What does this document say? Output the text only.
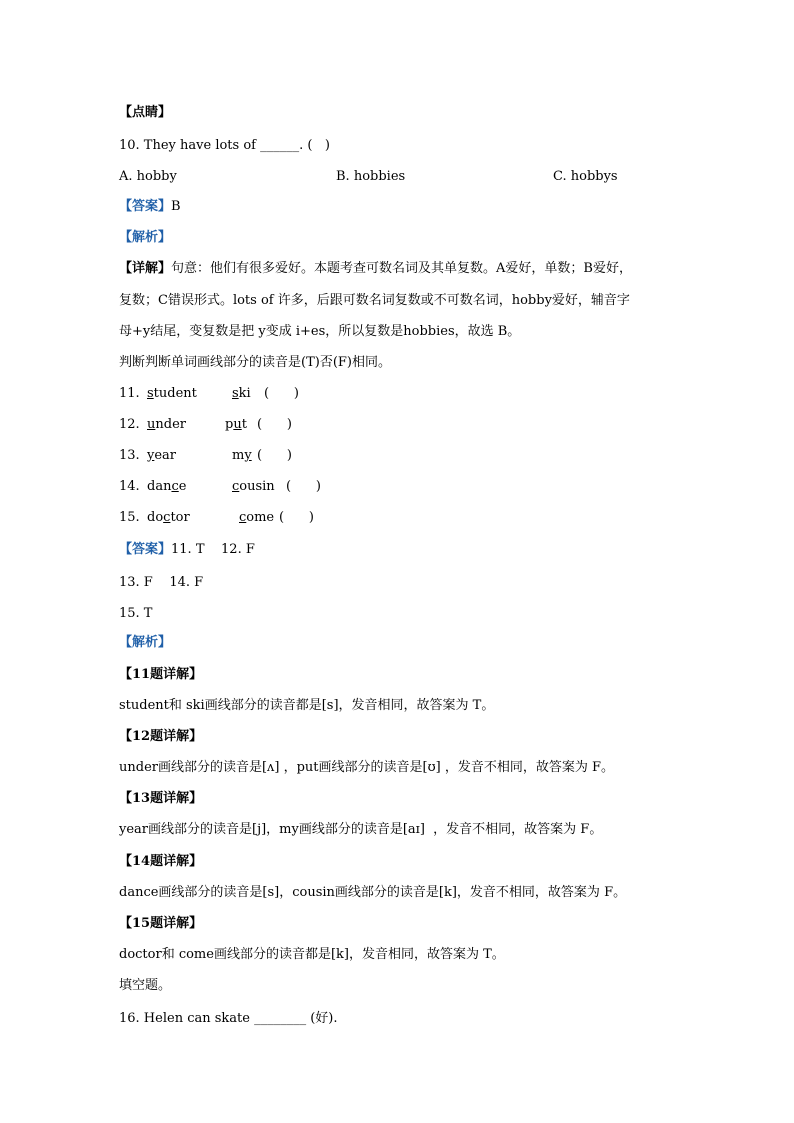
【点睛】
10. They have lots of ______. (   )
A. hobby	B. hobbies	C. hobbys
【答案】B
【解析】
【详解】句意：他们有很多爱好。本题考查可数名词及其单复数。A爱好，单数；B爱好，
复数；C错误形式。lots of 许多，后跟可数名词复数或不可数名词，hobby爱好，辅音字
母+y结尾，变复数是把 y变成 i+es，所以复数是hobbies，故选 B。
判断判断单词画线部分的读音是(T)否(F)相同。
11. student	ski (      )
12. under	put (      )
13. year	my (      )
14. dance	cousin (      )
15. doctor	come (      )
【答案】11. T    12. F
13. F    14. F
15. T
【解析】
【11题详解】
student和 ski画线部分的读音都是[s]，发音相同，故答案为 T。
【12题详解】
under画线部分的读音是[ʌ] ，put画线部分的读音是[ʊ] ，发音不相同，故答案为 F。
【13题详解】
year画线部分的读音是[j]，my画线部分的读音是[aɪ]  ，发音不相同，故答案为 F。
【14题详解】
dance画线部分的读音是[s]，cousin画线部分的读音是[k]，发音不相同，故答案为 F。
【15题详解】
doctor和 come画线部分的读音都是[k]，发音相同，故答案为 T。
填空题。
16. Helen can skate ________ (好).
